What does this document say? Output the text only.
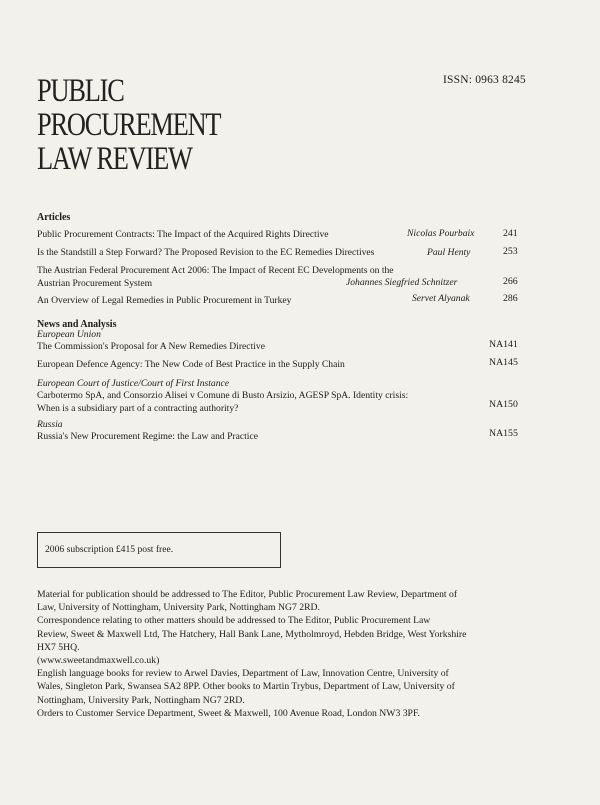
PUBLIC
PROCUREMENT
LAW REVIEW
ISSN: 0963 8245
Articles
Public Procurement Contracts: The Impact of the Acquired Rights Directive	Nicolas Pourbaix	241
Is the Standstill a Step Forward? The Proposed Revision to the EC Remedies Directives	Paul Henty	253
The Austrian Federal Procurement Act 2006: The Impact of Recent EC Developments on the
Austrian Procurement System	Johannes Siegfried Schnitzer	266
An Overview of Legal Remedies in Public Procurement in Turkey	Servet Alyanak	286
News and Analysis
European Union
The Commission's Proposal for A New Remedies Directive	NA141
European Defence Agency: The New Code of Best Practice in the Supply Chain	NA145
European Court of Justice/Court of First Instance
Carbotermo SpA, and Consorzio Alisei v Comune di Busto Arsizio, AGESP SpA. Identity crisis:
When is a subsidiary part of a contracting authority?	NA150
Russia
Russia's New Procurement Regime: the Law and Practice	NA155
2006 subscription £415 post free.
Material for publication should be addressed to The Editor, Public Procurement Law Review, Department of
Law, University of Nottingham, University Park, Nottingham NG7 2RD.
Correspondence relating to other matters should be addressed to The Editor, Public Procurement Law
Review, Sweet & Maxwell Ltd, The Hatchery, Hall Bank Lane, Mytholmroyd, Hebden Bridge, West Yorkshire
HX7 5HQ.
(www.sweetandmaxwell.co.uk)
English language books for review to Arwel Davies, Department of Law, Innovation Centre, University of
Wales, Singleton Park, Swansea SA2 8PP. Other books to Martin Trybus, Department of Law, University of
Nottingham, University Park, Nottingham NG7 2RD.
Orders to Customer Service Department, Sweet & Maxwell, 100 Avenue Road, London NW3 3PF.
